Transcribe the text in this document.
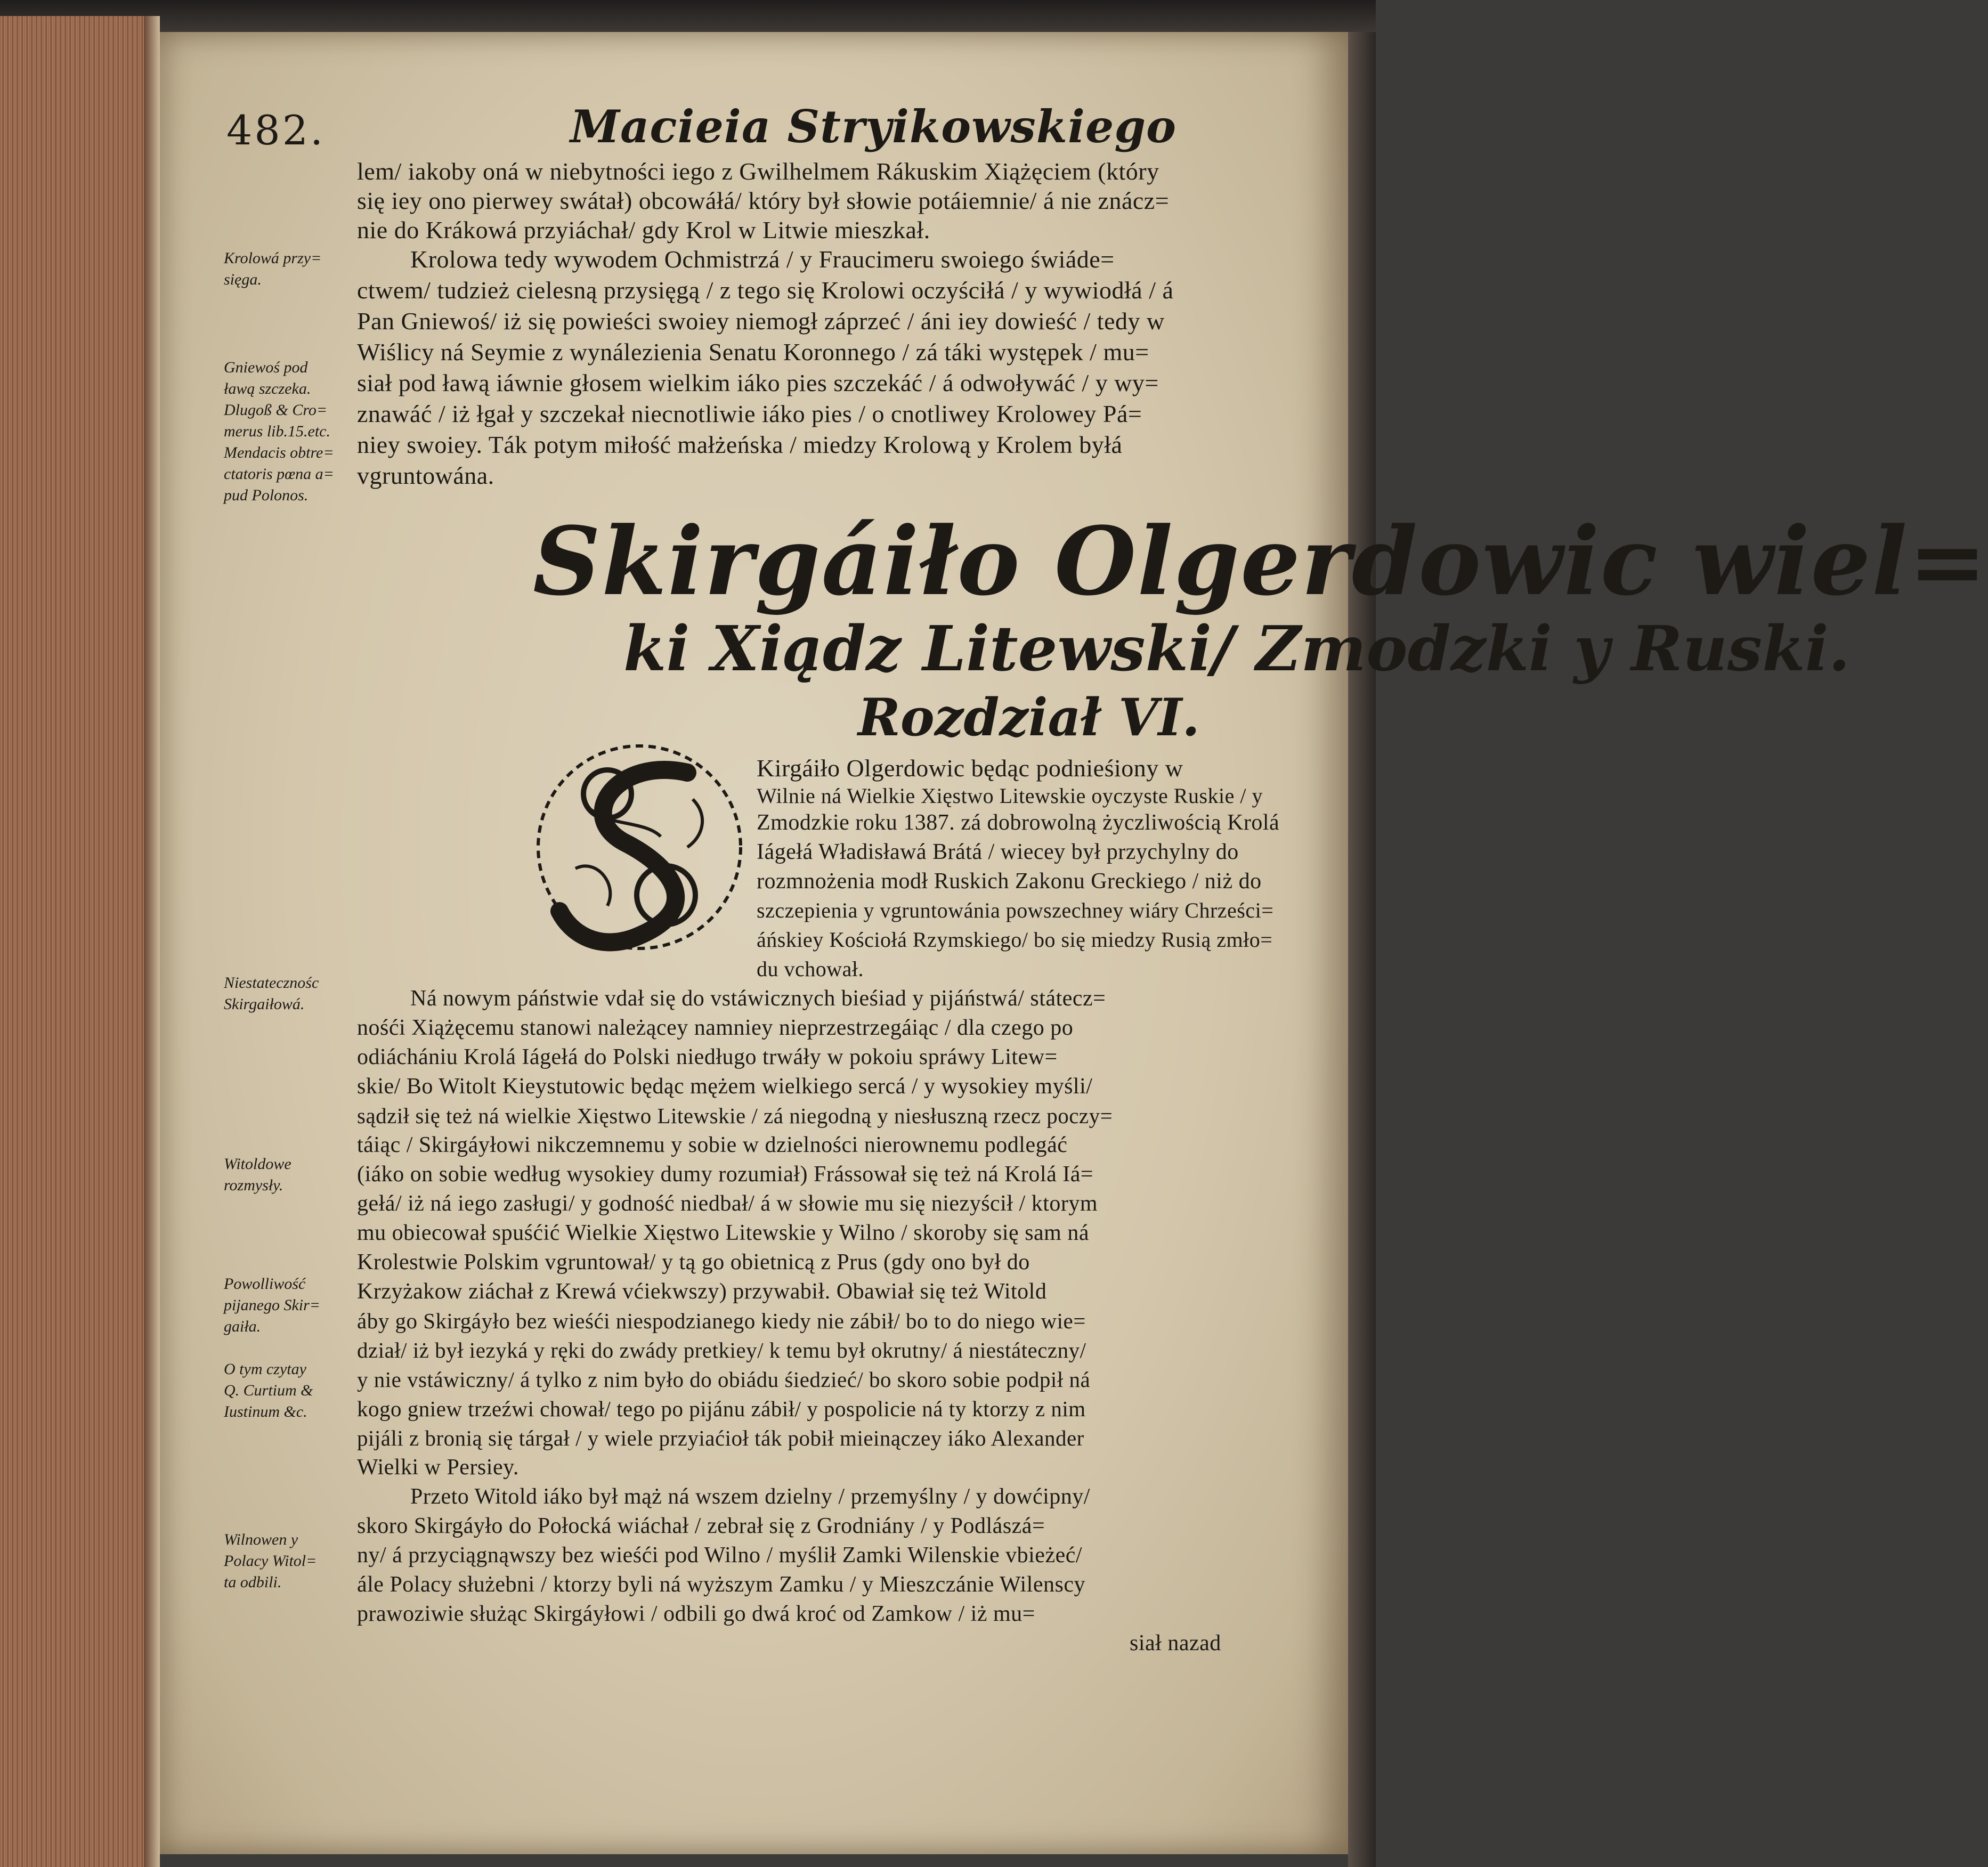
482.	Macieia Stryikowskiego
lem/ iakoby oná w niebytności iego z Gwilhelmem Rákuskim Xiążęciem (który
się iey ono pierwey swátał) obcowáłá/ który był słowie potáiemnie/ á nie znácz=
nie do Krákowá przyiáchał/ gdy Krol w Litwie mieszkał.
Krolowa tedy wywodem Ochmistrzá / y Fraucimeru swoiego świáde=
ctwem/ tudzież cielesną przysięgą / z tego się Krolowi oczyściłá / y wywiodłá / á
Pan Gniewoś/ iż się powieści swoiey niemogł záprzeć / áni iey dowieść / tedy w
Wiślicy ná Seymie z wynálezienia Senatu Koronnego / zá táki występek / mu=
siał pod ławą iáwnie głosem wielkim iáko pies szczekáć / á odwoływáć / y wy=
znawáć / iż łgał y szczekał niecnotliwie iáko pies / o cnotliwey Krolowey Pá=
niey swoiey. Ták potym miłość małżeńska / miedzy Krolową y Krolem byłá
vgruntowána.
Krolowá przy=
sięga.
Gniewoś pod
ławą szczeka.
Dlugoß & Cro=
merus lib.15.etc.
Mendacis obtre=
ctatoris pœna a=
pud Polonos.
Niestatecznośc
Skirgaiłowá.
Witoldowe
rozmysły.
Powolliwość
pijanego Skir=
gaiła.
O tym czytay
Q. Curtium &
Iustinum &c.
Wilnowen y
Polacy Witol=
ta odbili.
Skirgáiło Olgerdowic wiel=
ki Xiądz Litewski/ Zmodzki y Ruski.
Rozdział VI.
Kirgáiło Olgerdowic będąc podnieśiony w
Wilnie ná Wielkie Xięstwo Litewskie oyczyste Ruskie / y
Zmodzkie roku 1387. zá dobrowolną życzliwością Krolá
Iágełá Władisławá Brátá / wiecey był przychylny do
rozmnożenia modł Ruskich Zakonu Greckiego / niż do
szczepienia y vgruntowánia powszechney wiáry Chrześci=
áńskiey Kościołá Rzymskiego/ bo się miedzy Rusią zmło=
du vchował.
Ná nowym páństwie vdał się do vstáwicznych bieśiad y pijáństwá/ státecz=
nośći Xiążęcemu stanowi należącey namniey nieprzestrzegáiąc / dla czego po
odiáchániu Krolá Iágełá do Polski niedługo trwáły w pokoiu spráwy Litew=
skie/ Bo Witolt Kieystutowic będąc mężem wielkiego sercá / y wysokiey myśli/
sądził się też ná wielkie Xięstwo Litewskie / zá niegodną y niesłuszną rzecz poczy=
táiąc / Skirgáyłowi nikczemnemu y sobie w dzielności nierownemu podlegáć
(iáko on sobie według wysokiey dumy rozumiał) Frássował się też ná Krolá Iá=
gełá/ iż ná iego zasługi/ y godność niedbał/ á w słowie mu się niezyścił / ktorym
mu obiecował spuśćić Wielkie Xięstwo Litewskie y Wilno / skoroby się sam ná
Krolestwie Polskim vgruntował/ y tą go obietnicą z Prus (gdy ono był do
Krzyżakow ziáchał z Krewá vćiekwszy) przywabił. Obawiał się też Witold
áby go Skirgáyło bez wieśći niespodzianego kiedy nie zábił/ bo to do niego wie=
dział/ iż był iezyká y ręki do zwády pretkiey/ k temu był okrutny/ á niestáteczny/
y nie vstáwiczny/ á tylko z nim było do obiádu śiedzieć/ bo skoro sobie podpił ná
kogo gniew trzeźwi chował/ tego po pijánu zábił/ y pospolicie ná ty ktorzy z nim
pijáli z bronią się tárgał / y wiele przyiaćioł ták pobił mieinączey iáko Alexander
Wielki w Persiey.
Przeto Witold iáko był mąż ná wszem dzielny / przemyślny / y dowćipny/
skoro Skirgáyło do Połocká wiáchał / zebrał się z Grodniány / y Podlászá=
ny/ á przyciągnąwszy bez wieśći pod Wilno / myślił Zamki Wilenskie vbieżeć/
ále Polacy służebni / ktorzy byli ná wyższym Zamku / y Mieszczánie Wilenscy
prawoziwie służąc Skirgáyłowi / odbili go dwá kroć od Zamkow / iż mu=
siał nazad
